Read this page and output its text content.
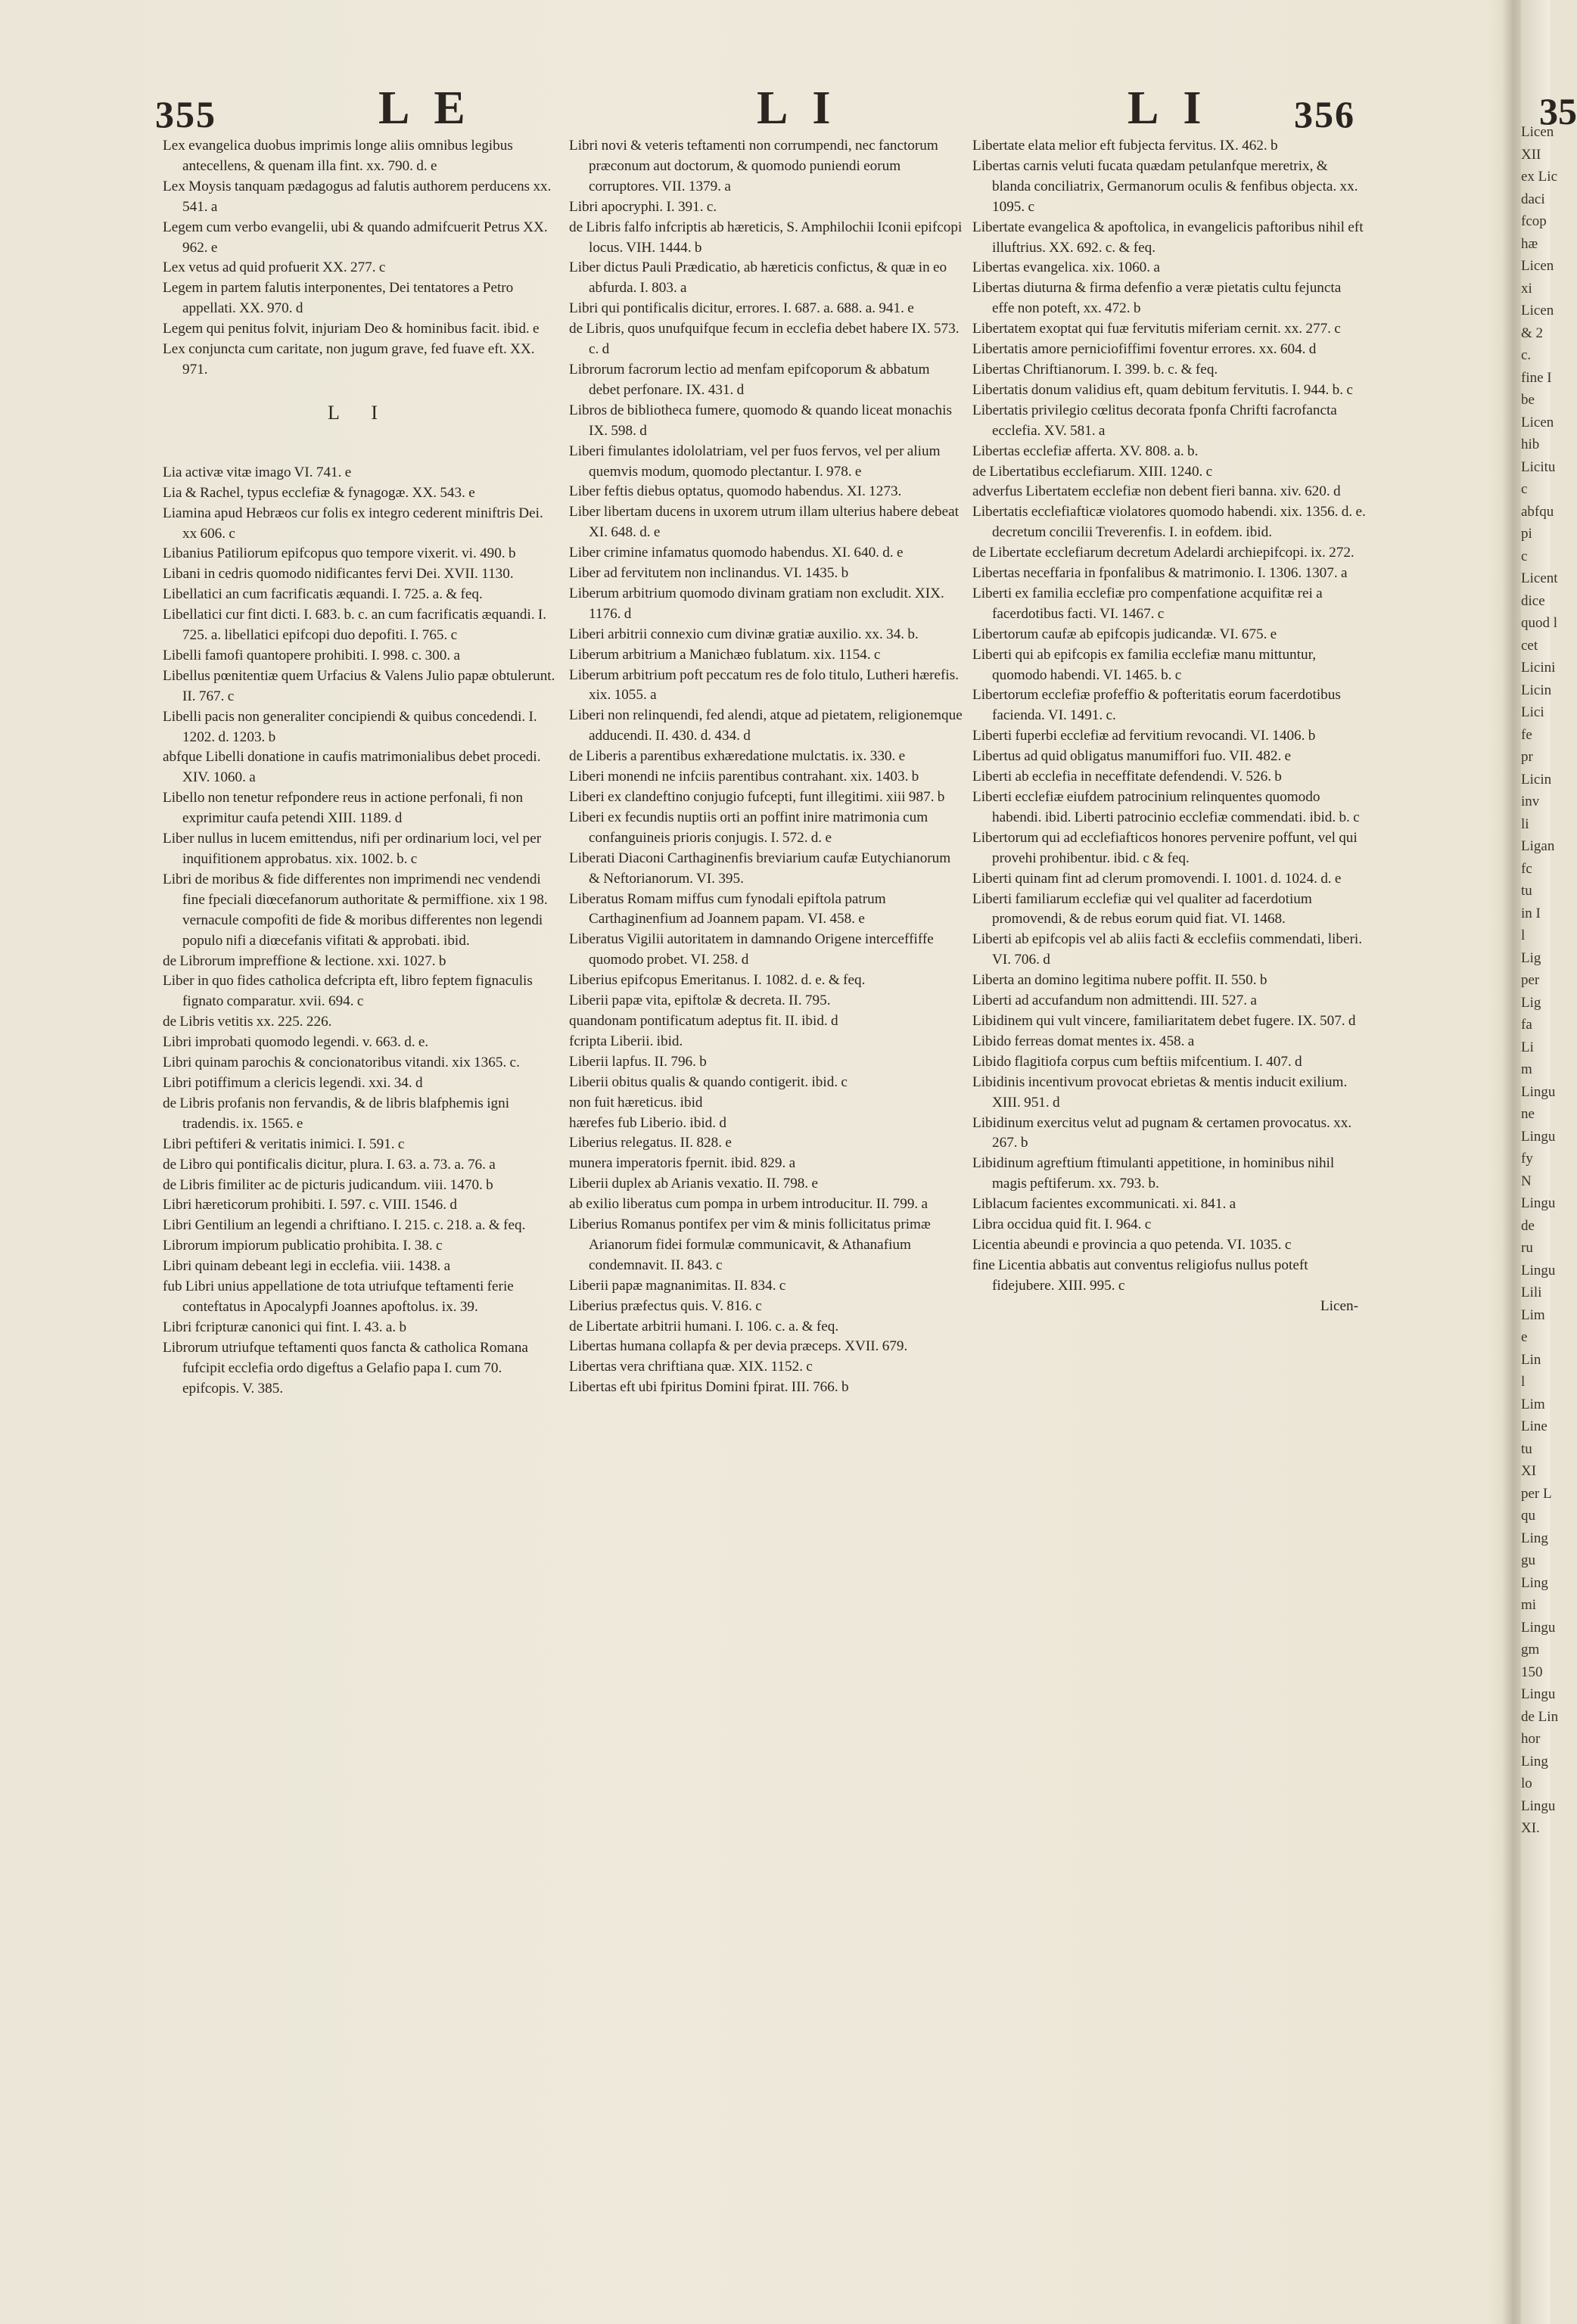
355	L E	L I	L I 356	35

Lex evangelica duobus imprimis longe aliis omnibus legibus antecellens, & quenam illa fint. xx. 790. d. e

Lex Moysis tanquam pædagogus ad falutis authorem perducens xx. 541. a

Legem cum verbo evangelii, ubi & quando admifcuerit Petrus XX. 962. e

Lex vetus ad quid profuerit XX. 277. c

Legem in partem falutis interponentes, Dei tentatores a Petro appellati. XX. 970. d

Legem qui penitus folvit, injuriam Deo & hominibus facit. ibid. e

Lex conjuncta cum caritate, non jugum grave, fed fuave eft. XX. 971.

L I

Lia activæ vitæ imago VI. 741. e

Lia & Rachel, typus ecclefiæ & fynagogæ. XX. 543. e

Liamina apud Hebræos cur folis ex integro cederent miniftris Dei. xx 606. c

Libanius Patiliorum epifcopus quo tempore vixerit. vi. 490. b

Libani in cedris quomodo nidificantes fervi Dei. XVII. 1130.

Libellatici an cum facrificatis æquandi. I. 725. a. & feq.

Libellatici cur fint dicti. I. 683. b. c. an cum facrificatis æquandi. I. 725. a. libellatici epifcopi duo depofiti. I. 765. c

Libelli famofi quantopere prohibiti. I. 998. c. 300. a

Libellus pœnitentiæ quem Urfacius & Valens Julio papæ obtulerunt. II. 767. c

Libelli pacis non generaliter concipiendi & quibus concedendi. I. 1202. d. 1203. b

abfque Libelli donatione in caufis matrimonialibus debet procedi. XIV. 1060. a

Libello non tenetur refpondere reus in actione perfonali, fi non exprimitur caufa petendi XIII. 1189. d

Liber nullus in lucem emittendus, nifi per ordinarium loci, vel per inquifitionem approbatus. xix. 1002. b. c

Libri de moribus & fide differentes non imprimendi nec vendendi fine fpeciali diœcefanorum authoritate & permiffione. xix 1 98. vernacule compofiti de fide & moribus differentes non legendi populo nifi a diœcefanis vifitati & approbati. ibid.

de Librorum impreffione & lectione. xxi. 1027. b

Liber in quo fides catholica defcripta eft, libro feptem fignaculis fignato comparatur. xvii. 694. c

de Libris vetitis xx. 225. 226.

Libri improbati quomodo legendi. v. 663. d. e.

Libri quinam parochis & concionatoribus vitandi. xix 1365. c.

Libri potiffimum a clericis legendi. xxi. 34. d

de Libris profanis non fervandis, & de libris blafphemis igni tradendis. ix. 1565. e

Libri peftiferi & veritatis inimici. I. 591. c

de Libro qui pontificalis dicitur, plura. I. 63. a. 73. a. 76. a

de Libris fimiliter ac de picturis judicandum. viii. 1470. b

Libri hæreticorum prohibiti. I. 597. c. VIII. 1546. d

Libri Gentilium an legendi a chriftiano. I. 215. c. 218. a. & feq.

Librorum impiorum publicatio prohibita. I. 38. c

Libri quinam debeant legi in ecclefia. viii. 1438. a

fub Libri unius appellatione de tota utriufque teftamenti ferie conteftatus in Apocalypfi Joannes apoftolus. ix. 39.

Libri fcripturæ canonici qui fint. I. 43. a. b

Librorum utriufque teftamenti quos fancta & catholica Romana fufcipit ecclefia ordo digeftus a Gelafio papa I. cum 70. epifcopis. V. 385.

Libri novi & veteris teftamenti non corrumpendi, nec fanctorum præconum aut doctorum, & quomodo puniendi eorum corruptores. VII. 1379. a

Libri apocryphi. I. 391. c.

de Libris falfo infcriptis ab hæreticis, S. Amphilochii Iconii epifcopi locus. VIH. 1444. b

Liber dictus Pauli Prædicatio, ab hæreticis confictus, & quæ in eo abfurda. I. 803. a

Libri qui pontificalis dicitur, errores. I. 687. a. 688. a. 941. e

de Libris, quos unufquifque fecum in ecclefia debet habere IX. 573. c. d

Librorum facrorum lectio ad menfam epifcoporum & abbatum debet perfonare. IX. 431. d

Libros de bibliotheca fumere, quomodo & quando liceat monachis IX. 598. d

Liberi fimulantes idololatriam, vel per fuos fervos, vel per alium quemvis modum, quomodo plectantur. I. 978. e

Liber feftis diebus optatus, quomodo habendus. XI. 1273.

Liber libertam ducens in uxorem utrum illam ulterius habere debeat XI. 648. d. e

Liber crimine infamatus quomodo habendus. XI. 640. d. e

Liber ad fervitutem non inclinandus. VI. 1435. b

Liberum arbitrium quomodo divinam gratiam non excludit. XIX. 1176. d

Liberi arbitrii connexio cum divinæ gratiæ auxilio. xx. 34. b.

Liberum arbitrium a Manichæo fublatum. xix. 1154. c

Liberum arbitrium poft peccatum res de folo titulo, Lutheri hærefis. xix. 1055. a

Liberi non relinquendi, fed alendi, atque ad pietatem, religionemque adducendi. II. 430. d. 434. d

de Liberis a parentibus exhæredatione mulctatis. ix. 330. e

Liberi monendi ne infciis parentibus contrahant. xix. 1403. b

Liberi ex clandeftino conjugio fufcepti, funt illegitimi. xiii 987. b

Liberi ex fecundis nuptiis orti an poffint inire matrimonia cum confanguineis prioris conjugis. I. 572. d. e

Liberati Diaconi Carthaginenfis breviarium caufæ Eutychianorum & Neftorianorum. VI. 395.

Liberatus Romam miffus cum fynodali epiftola patrum Carthaginenfium ad Joannem papam. VI. 458. e

Liberatus Vigilii autoritatem in damnando Origene interceffiffe quomodo probet. VI. 258. d

Liberius epifcopus Emeritanus. I. 1082. d. e. & feq.

Liberii papæ vita, epiftolæ & decreta. II. 795.

quandonam pontificatum adeptus fit. II. ibid. d

fcripta Liberii. ibid.

Liberii lapfus. II. 796. b

Liberii obitus qualis & quando contigerit. ibid. c

non fuit hæreticus. ibid

hærefes fub Liberio. ibid. d

Liberius relegatus. II. 828. e

munera imperatoris fpernit. ibid. 829. a

Liberii duplex ab Arianis vexatio. II. 798. e

ab exilio liberatus cum pompa in urbem introducitur. II. 799. a

Liberius Romanus pontifex per vim & minis follicitatus primæ Arianorum fidei formulæ communicavit, & Athanafium condemnavit. II. 843. c

Liberii papæ magnanimitas. II. 834. c

Liberius præfectus quis. V. 816. c

de Libertate arbitrii humani. I. 106. c. a. & feq.

Libertas humana collapfa & per devia præceps. XVII. 679.

Libertas vera chriftiana quæ. XIX. 1152. c

Libertas eft ubi fpiritus Domini fpirat. III. 766. b

Libertate elata melior eft fubjecta fervitus. IX. 462. b

Libertas carnis veluti fucata quædam petulanfque meretrix, & blanda conciliatrix, Germanorum oculis & fenfibus objecta. xx. 1095. c

Libertate evangelica & apoftolica, in evangelicis paftoribus nihil eft illuftrius. XX. 692. c. & feq.

Libertas evangelica. xix. 1060. a

Libertas diuturna & firma defenfio a veræ pietatis cultu fejuncta effe non poteft, xx. 472. b

Libertatem exoptat qui fuæ fervitutis miferiam cernit. xx. 277. c

Libertatis amore perniciofiffimi foventur errores. xx. 604. d

Libertas Chriftianorum. I. 399. b. c. & feq.

Libertatis donum validius eft, quam debitum fervitutis. I. 944. b. c

Libertatis privilegio cœlitus decorata fponfa Chrifti facrofancta ecclefia. XV. 581. a

Libertas ecclefiæ afferta. XV. 808. a. b.

de Libertatibus ecclefiarum. XIII. 1240. c

adverfus Libertatem ecclefiæ non debent fieri banna. xiv. 620. d

Libertatis ecclefiafticæ violatores quomodo habendi. xix. 1356. d. e. decretum concilii Treverenfis. I. in eofdem. ibid.

de Libertate ecclefiarum decretum Adelardi archiepifcopi. ix. 272.

Libertas neceffaria in fponfalibus & matrimonio. I. 1306. 1307. a

Liberti ex familia ecclefiæ pro compenfatione acquifitæ rei a facerdotibus facti. VI. 1467. c

Libertorum caufæ ab epifcopis judicandæ. VI. 675. e

Liberti qui ab epifcopis ex familia ecclefiæ manu mittuntur, quomodo habendi. VI. 1465. b. c

Libertorum ecclefiæ profeffio & pofteritatis eorum facerdotibus facienda. VI. 1491. c.

Liberti fuperbi ecclefiæ ad fervitium revocandi. VI. 1406. b

Libertus ad quid obligatus manumiffori fuo. VII. 482. e

Liberti ab ecclefia in neceffitate defendendi. V. 526. b

Liberti ecclefiæ eiufdem patrocinium relinquentes quomodo habendi. ibid. Liberti patrocinio ecclefiæ commendati. ibid. b. c

Libertorum qui ad ecclefiafticos honores pervenire poffunt, vel qui provehi prohibentur. ibid. c & feq.

Liberti quinam fint ad clerum promovendi. I. 1001. d. 1024. d. e

Liberti familiarum ecclefiæ qui vel qualiter ad facerdotium promovendi, & de rebus eorum quid fiat. VI. 1468.

Liberti ab epifcopis vel ab aliis facti & ecclefiis commendati, liberi. VI. 706. d

Liberta an domino legitima nubere poffit. II. 550. b

Liberti ad accufandum non admittendi. III. 527. a

Libidinem qui vult vincere, familiaritatem debet fugere. IX. 507. d

Libido ferreas domat mentes ix. 458. a

Libido flagitiofa corpus cum beftiis mifcentium. I. 407. d

Libidinis incentivum provocat ebrietas & mentis inducit exilium. XIII. 951. d

Libidinum exercitus velut ad pugnam & certamen provocatus. xx. 267. b

Libidinum agreftium ftimulanti appetitione, in hominibus nihil magis peftiferum. xx. 793. b.

Liblacum facientes excommunicati. xi. 841. a

Libra occidua quid fit. I. 964. c

Licentia abeundi e provincia a quo petenda. VI. 1035. c

fine Licentia abbatis aut conventus religiofus nullus poteft fidejubere. XIII. 995. c

Licen-

Licen
XII
ex Lic
daci
fcop
hæ
Licen
xi
Licen
& 2
c.
fine I
be
Licen
hib
Licitu
c
abfqu
pi
c
Licent
dice
quod l
cet
Licini
Licin
Lici
fe
pr
Licin
inv
li
Ligan
fc
tu
in I
l
Lig
per
Lig
fa
Li
m
Lingu
ne
Lingu
fy
N
Lingu
de
ru
Lingu
Lili
Lim
e
Lin
l
Lim
Line
tu
XI
per L
qu
Ling
gu
Ling
mi
Lingu
gm
150
Lingu
de Lin
hor
Ling
lo
Lingu
XI.
